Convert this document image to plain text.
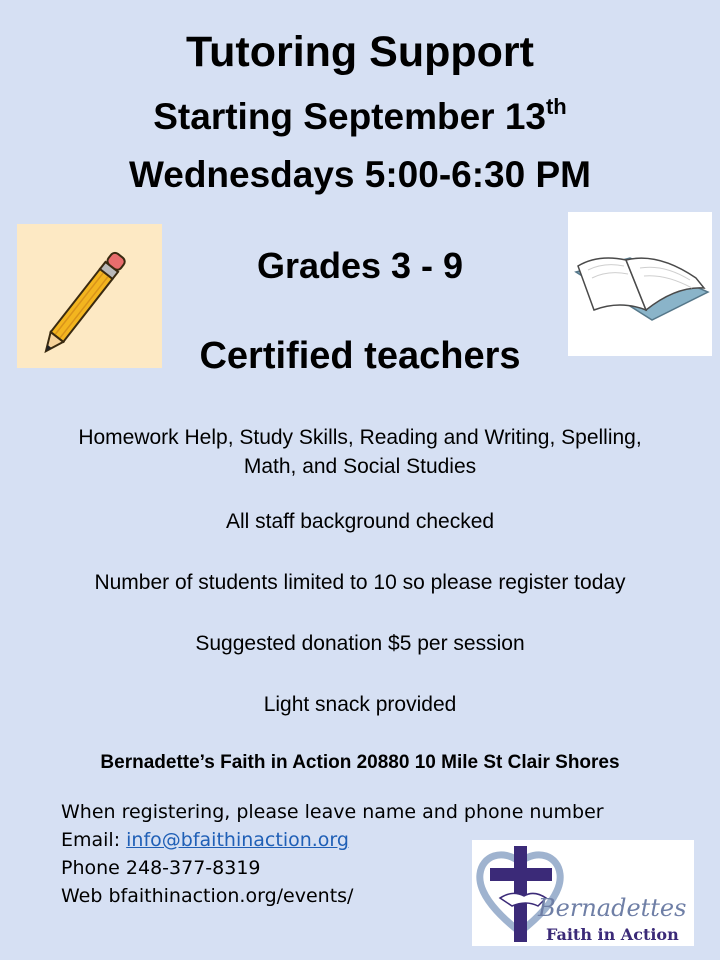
Tutoring Support
Starting September 13th
Wednesdays 5:00-6:30 PM
Grades 3 - 9
Certified teachers
Homework Help, Study Skills, Reading and Writing, Spelling,
Math, and Social Studies
All staff background checked
Number of students limited to 10 so please register today
Suggested donation $5 per session
Light snack provided
Bernadette’s Faith in Action 20880 10 Mile St Clair Shores
When registering, please leave name and phone number
Email: info@bfaithinaction.org
Phone 248-377-8319
Web bfaithinaction.org/events/	Bernadettes
Faith in Action
